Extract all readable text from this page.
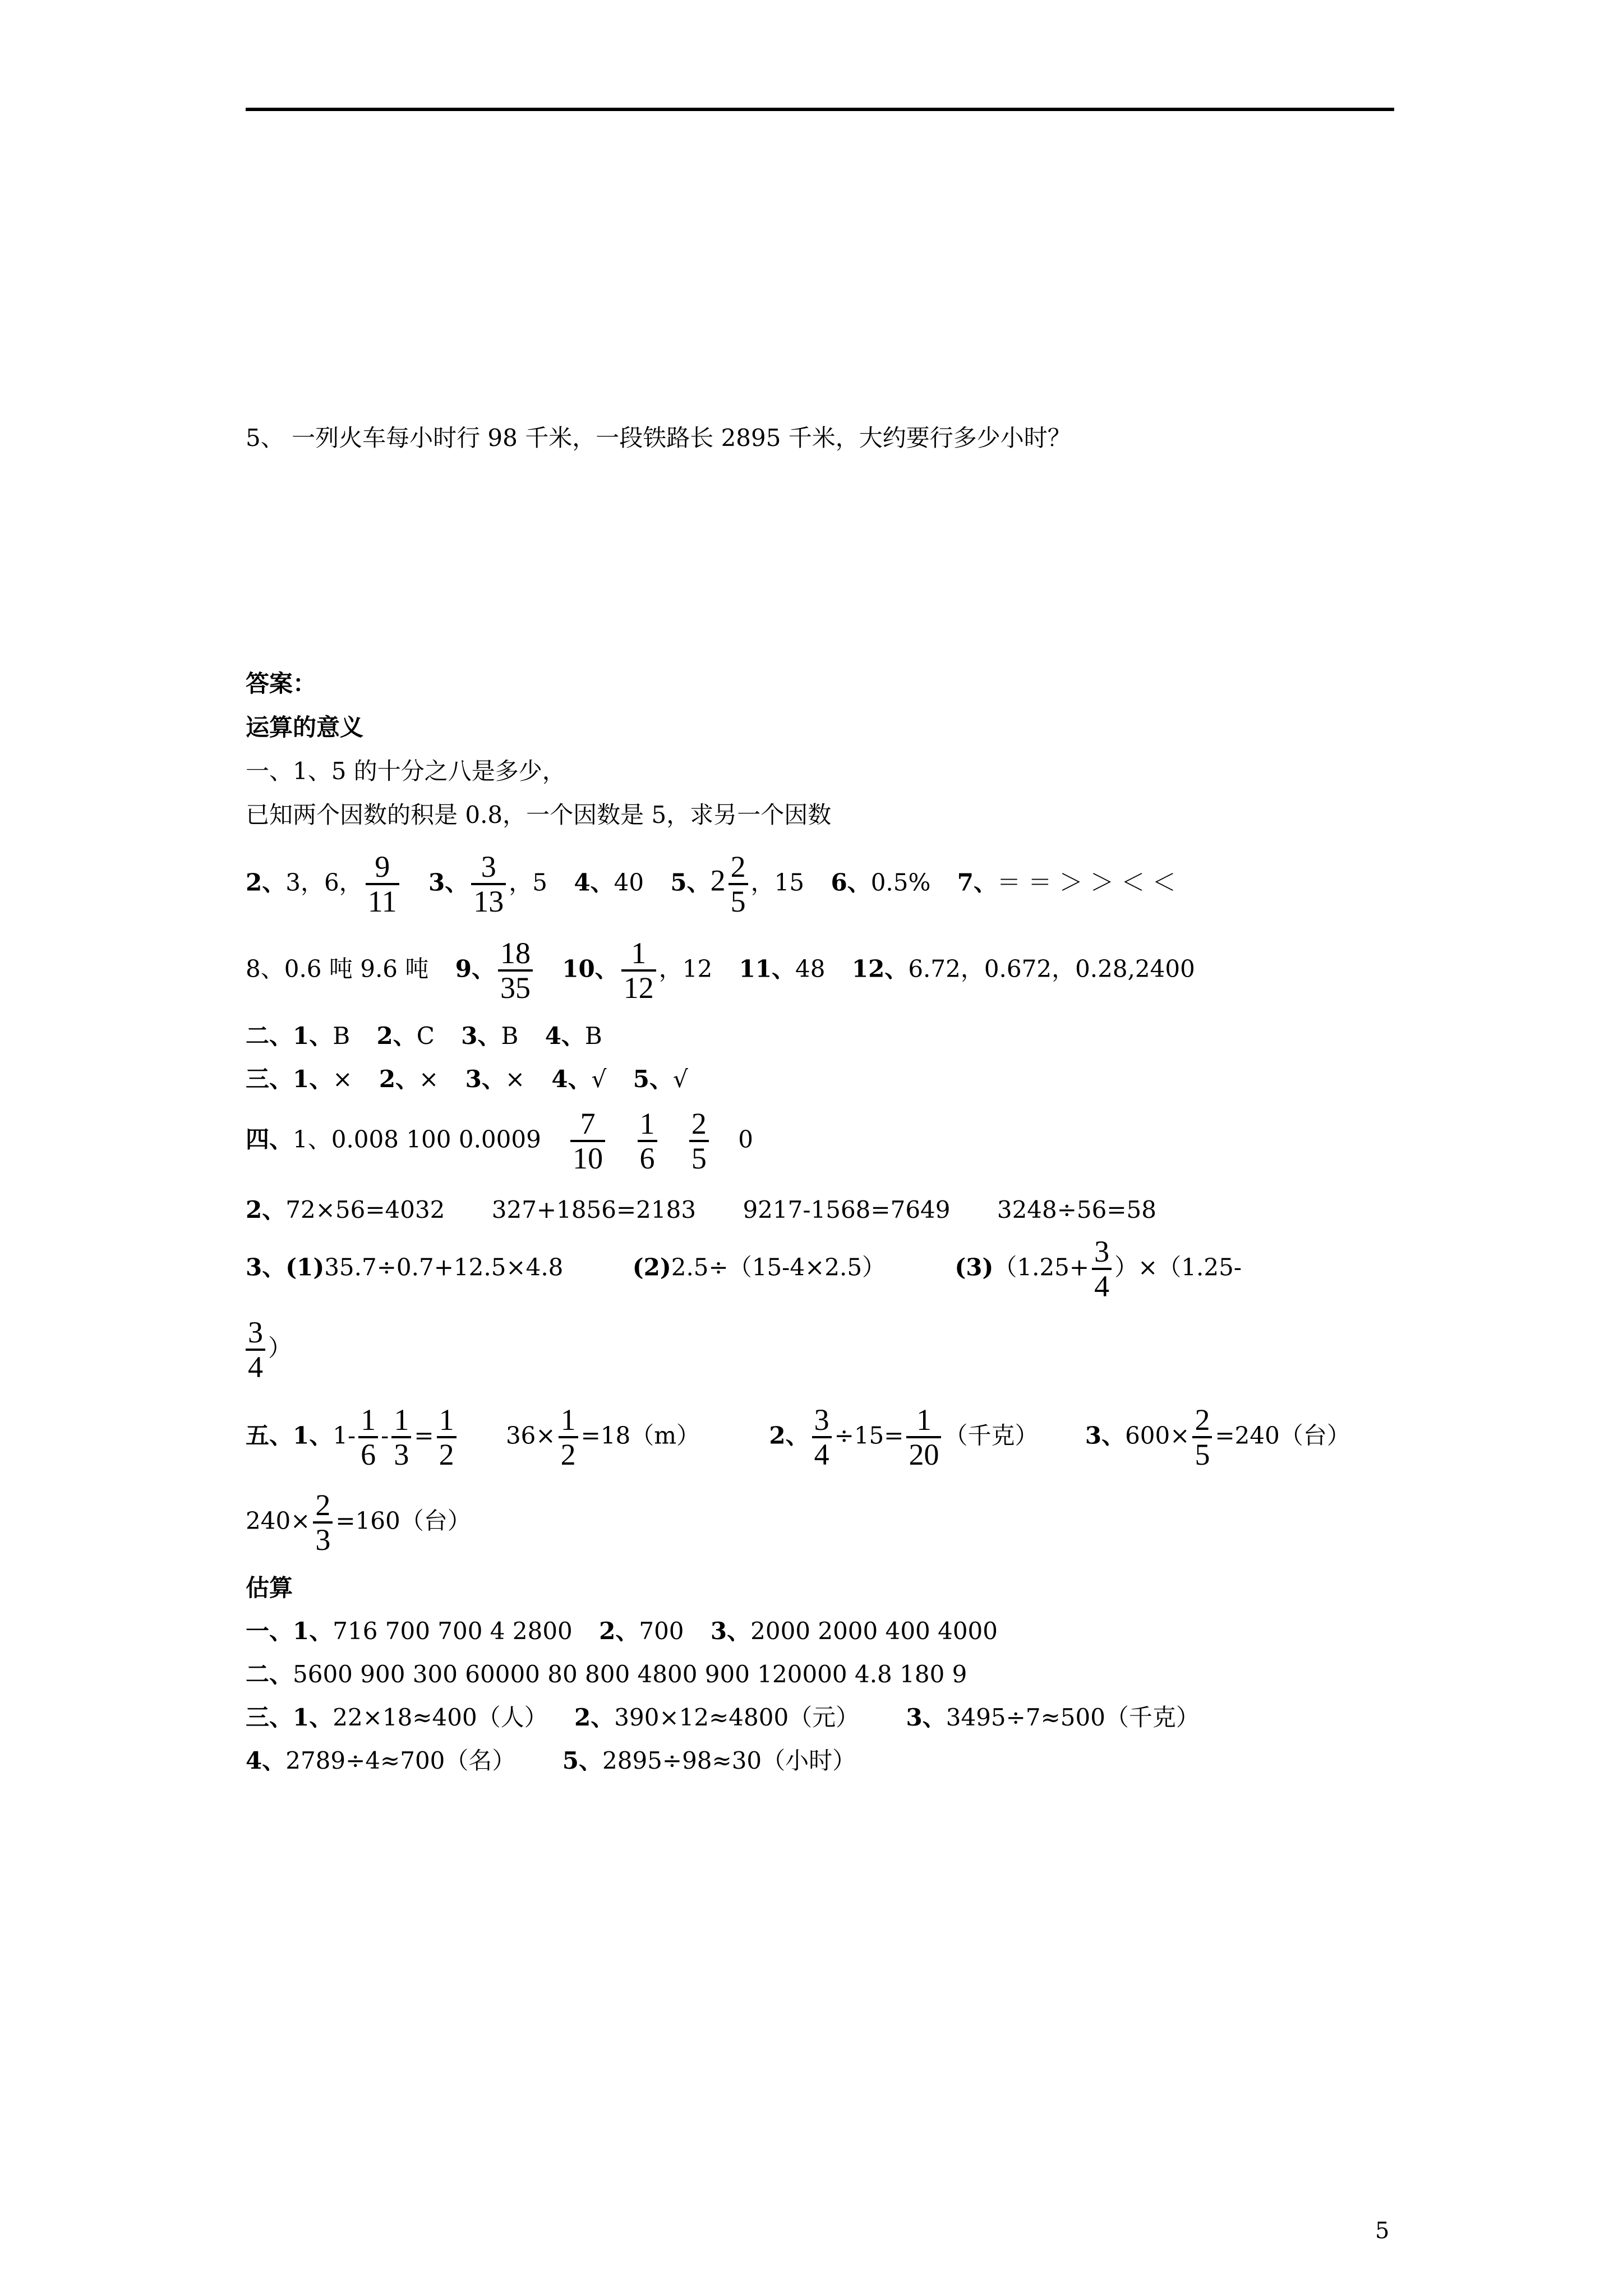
5、 一列火车每小时行 98 千米，一段铁路长 2895 千米，大约要行多少小时？
答案：
运算的意义
一、1、5 的十分之八是多少，
已知两个因数的积是 0.8，一个因数是 5，求另一个因数
2、3，6， $\frac{9}{11} 3$、 $\frac{3}{13}$ ，5 4、40 5、$2 \frac{2}{5}$ ，15 6、0.5% 7、＝ ＝ ＞ ＞ ＜ ＜
8、0.6 吨 9.6 吨 9、 $\frac{18}{35} 10$、 $\frac{1}{12}$ ，12 11、48 12、6.72，0.672，0.28,2400
二、1、B 2、C 3、B 4、B
三、1、× 2、× 3、× 4、√ 5、√
四、1、0.008 100 $0.0009 \frac{7}{10}$
$\frac{1}{6}$
$\frac{2}{5} 0$
2、72×56=4032 327+1856=2183 9217-1568=7649 3248÷56=58
3、(1)35.7÷0.7+12.5×4.8	(2)2.5÷（15-4×2.5）	$(3)(1.25+ \frac{3}{4} )\times(1.25-$
$\frac{3}{4}$ ）
五、1、$1- \frac{1}{6} - \frac{1}{3} = \frac{1}{2} 36\times \frac{1}{2} =18(m)$	2、 $\frac{3}{4} \div 15= \frac{1}{20}$ （千克） 3、$600\times \frac{2}{5} =240$（台）
$240\times \frac{2}{3} =160$（台）
估算
一、1、716 700 700 4 2800 2、700 3、2000 2000 400 4000
二、5600 900 300 60000 80 800 4800 900 120000 4.8 180 9
三、1、22×18≈400（人） 2、390×12≈4800（元） 3、3495÷7≈500（千克）
4、2789÷4≈700（名） 5、2895÷98≈30（小时）
5
